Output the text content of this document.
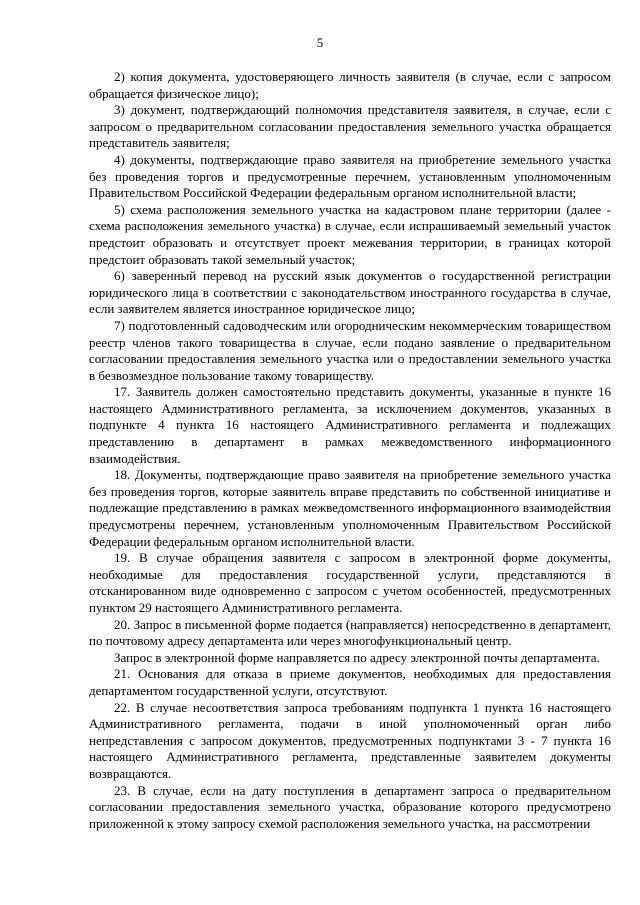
5

2) копия документа, удостоверяющего личность заявителя (в случае, если с запросом обращается физическое лицо);

3) документ, подтверждающий полномочия представителя заявителя, в случае, если с запросом о предварительном согласовании предоставления земельного участка обращается представитель заявителя;

4) документы, подтверждающие право заявителя на приобретение земельного участка без проведения торгов и предусмотренные перечнем, установленным уполномоченным Правительством Российской Федерации федеральным органом исполнительной власти;

5) схема расположения земельного участка на кадастровом плане территории (далее - схема расположения земельного участка) в случае, если испрашиваемый земельный участок предстоит образовать и отсутствует проект межевания территории, в границах которой предстоит образовать такой земельный участок;

6) заверенный перевод на русский язык документов о государственной регистрации юридического лица в соответствии с законодательством иностранного государства в случае, если заявителем является иностранное юридическое лицо;

7) подготовленный садоводческим или огородническим некоммерческим товариществом реестр членов такого товарищества в случае, если подано заявление о предварительном согласовании предоставления земельного участка или о предоставлении земельного участка в безвозмездное пользование такому товариществу.

17. Заявитель должен самостоятельно представить документы, указанные в пункте 16 настоящего Административного регламента, за исключением документов, указанных в подпункте 4 пункта 16 настоящего Административного регламента и подлежащих представлению в департамент в рамках межведомственного информационного взаимодействия.

18. Документы, подтверждающие право заявителя на приобретение земельного участка без проведения торгов, которые заявитель вправе представить по собственной инициативе и подлежащие представлению в рамках межведомственного информационного взаимодействия предусмотрены перечнем, установленным уполномоченным Правительством Российской Федерации федеральным органом исполнительной власти.

19. В случае обращения заявителя с запросом в электронной форме документы, необходимые для предоставления государственной услуги, представляются в отсканированном виде одновременно с запросом с учетом особенностей, предусмотренных пунктом 29 настоящего Административного регламента.

20. Запрос в письменной форме подается (направляется) непосредственно в департамент, по почтовому адресу департамента или через многофункциональный центр.

Запрос в электронной форме направляется по адресу электронной почты департамента.

21. Основания для отказа в приеме документов, необходимых для предоставления департаментом государственной услуги, отсутствуют.

22. В случае несоответствия запроса требованиям подпункта 1 пункта 16 настоящего Административного регламента, подачи в иной уполномоченный орган либо непредставления с запросом документов, предусмотренных подпунктами 3 - 7 пункта 16 настоящего Административного регламента, представленные заявителем документы возвращаются.

23. В случае, если на дату поступления в департамент запроса о предварительном согласовании предоставления земельного участка, образование которого предусмотрено приложенной к этому запросу схемой расположения земельного участка, на рассмотрении
